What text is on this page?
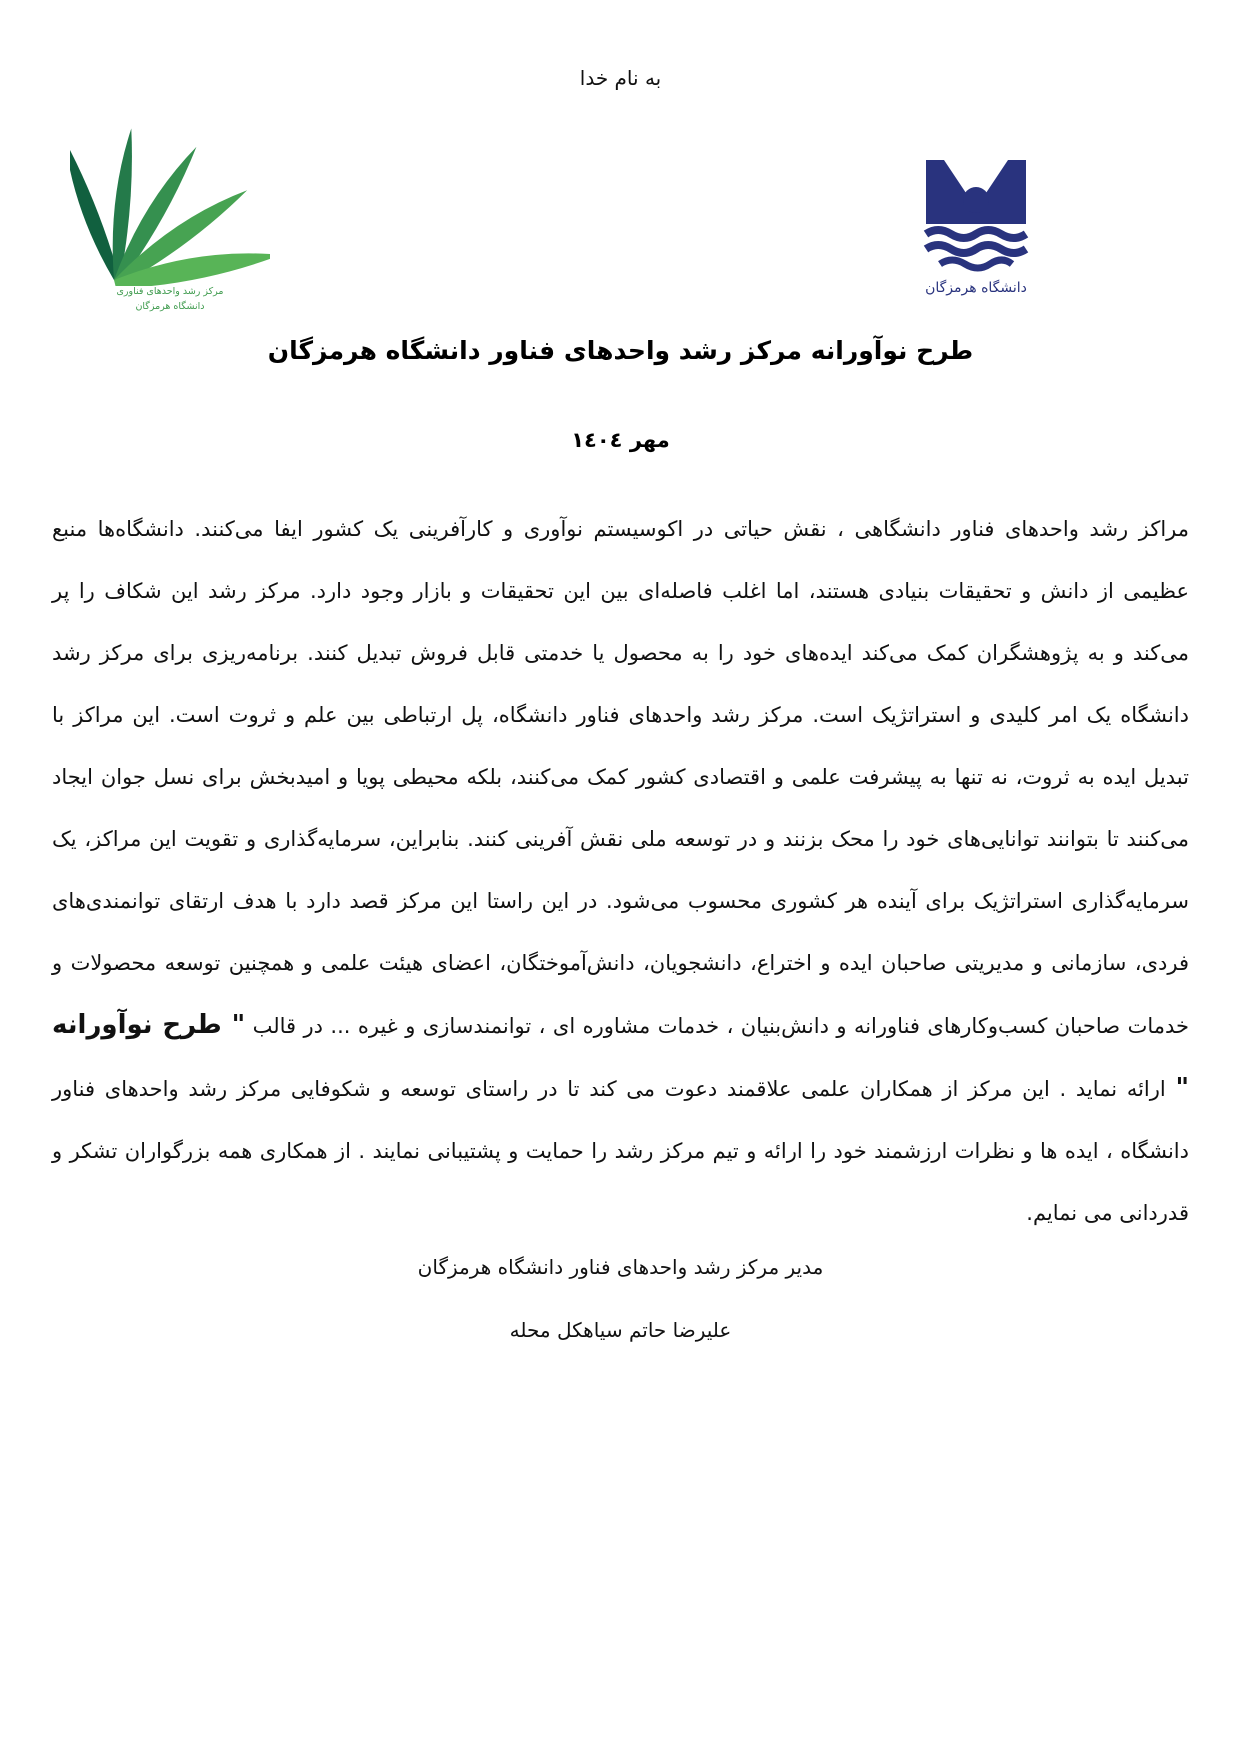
به نام خدا
مرکز رشد واحدهای فناوری
دانشگاه هرمزگان
دانشگاه هرمزگان
طرح نوآورانه مرکز رشد واحدهای فناور دانشگاه هرمزگان
مهر ١٤٠٤

مراکز رشد واحدهای فناور دانشگاهی ، نقش حیاتی در اکوسیستم نوآوری و کارآفرینی یک کشور ایفا می‌کنند. دانشگاه‌ها منبع عظیمی از دانش و تحقیقات بنیادی هستند، اما اغلب فاصله‌ای بین این تحقیقات و بازار وجود دارد. مرکز رشد این شکاف را پر می‌کند و به پژوهشگران کمک می‌کند ایده‌های خود را به محصول یا خدمتی قابل فروش تبدیل کنند. برنامه‌ریزی برای مرکز رشد دانشگاه یک امر کلیدی و استراتژیک است. مرکز رشد واحدهای فناور دانشگاه، پل ارتباطی بین علم و ثروت است. این مراکز با تبدیل ایده به ثروت، نه تنها به پیشرفت علمی و اقتصادی کشور کمک می‌کنند، بلکه محیطی پویا و امیدبخش برای نسل جوان ایجاد می‌کنند تا بتوانند توانایی‌های خود را محک بزنند و در توسعه ملی نقش آفرینی کنند. بنابراین، سرمایه‌گذاری و تقویت این مراکز، یک سرمایه‌گذاری استراتژیک برای آینده هر کشوری محسوب می‌شود. در این راستا این مرکز قصد دارد با هدف ارتقای توانمندی‌های فردی، سازمانی و مدیریتی صاحبان ایده و اختراع، دانشجویان، دانش‌آموختگان، اعضای هیئت علمی و همچنین توسعه محصولات و خدمات صاحبان کسب‌وکارهای فناورانه و دانش‌بنیان ، خدمات مشاوره ای ، توانمندسازی و غیره ... در قالب " طرح نوآورانه " ارائه نماید . این مرکز از همکاران علمی علاقمند دعوت می کند تا در راستای توسعه و شکوفایی مرکز رشد واحدهای فناور دانشگاه ، ایده ها و نظرات ارزشمند خود را ارائه و تیم مرکز رشد را حمایت و پشتیبانی نمایند . از همکاری همه بزرگواران تشکر و قدردانی می نمایم.

مدیر مرکز رشد واحدهای فناور دانشگاه هرمزگان
علیرضا حاتم سیاهکل محله
